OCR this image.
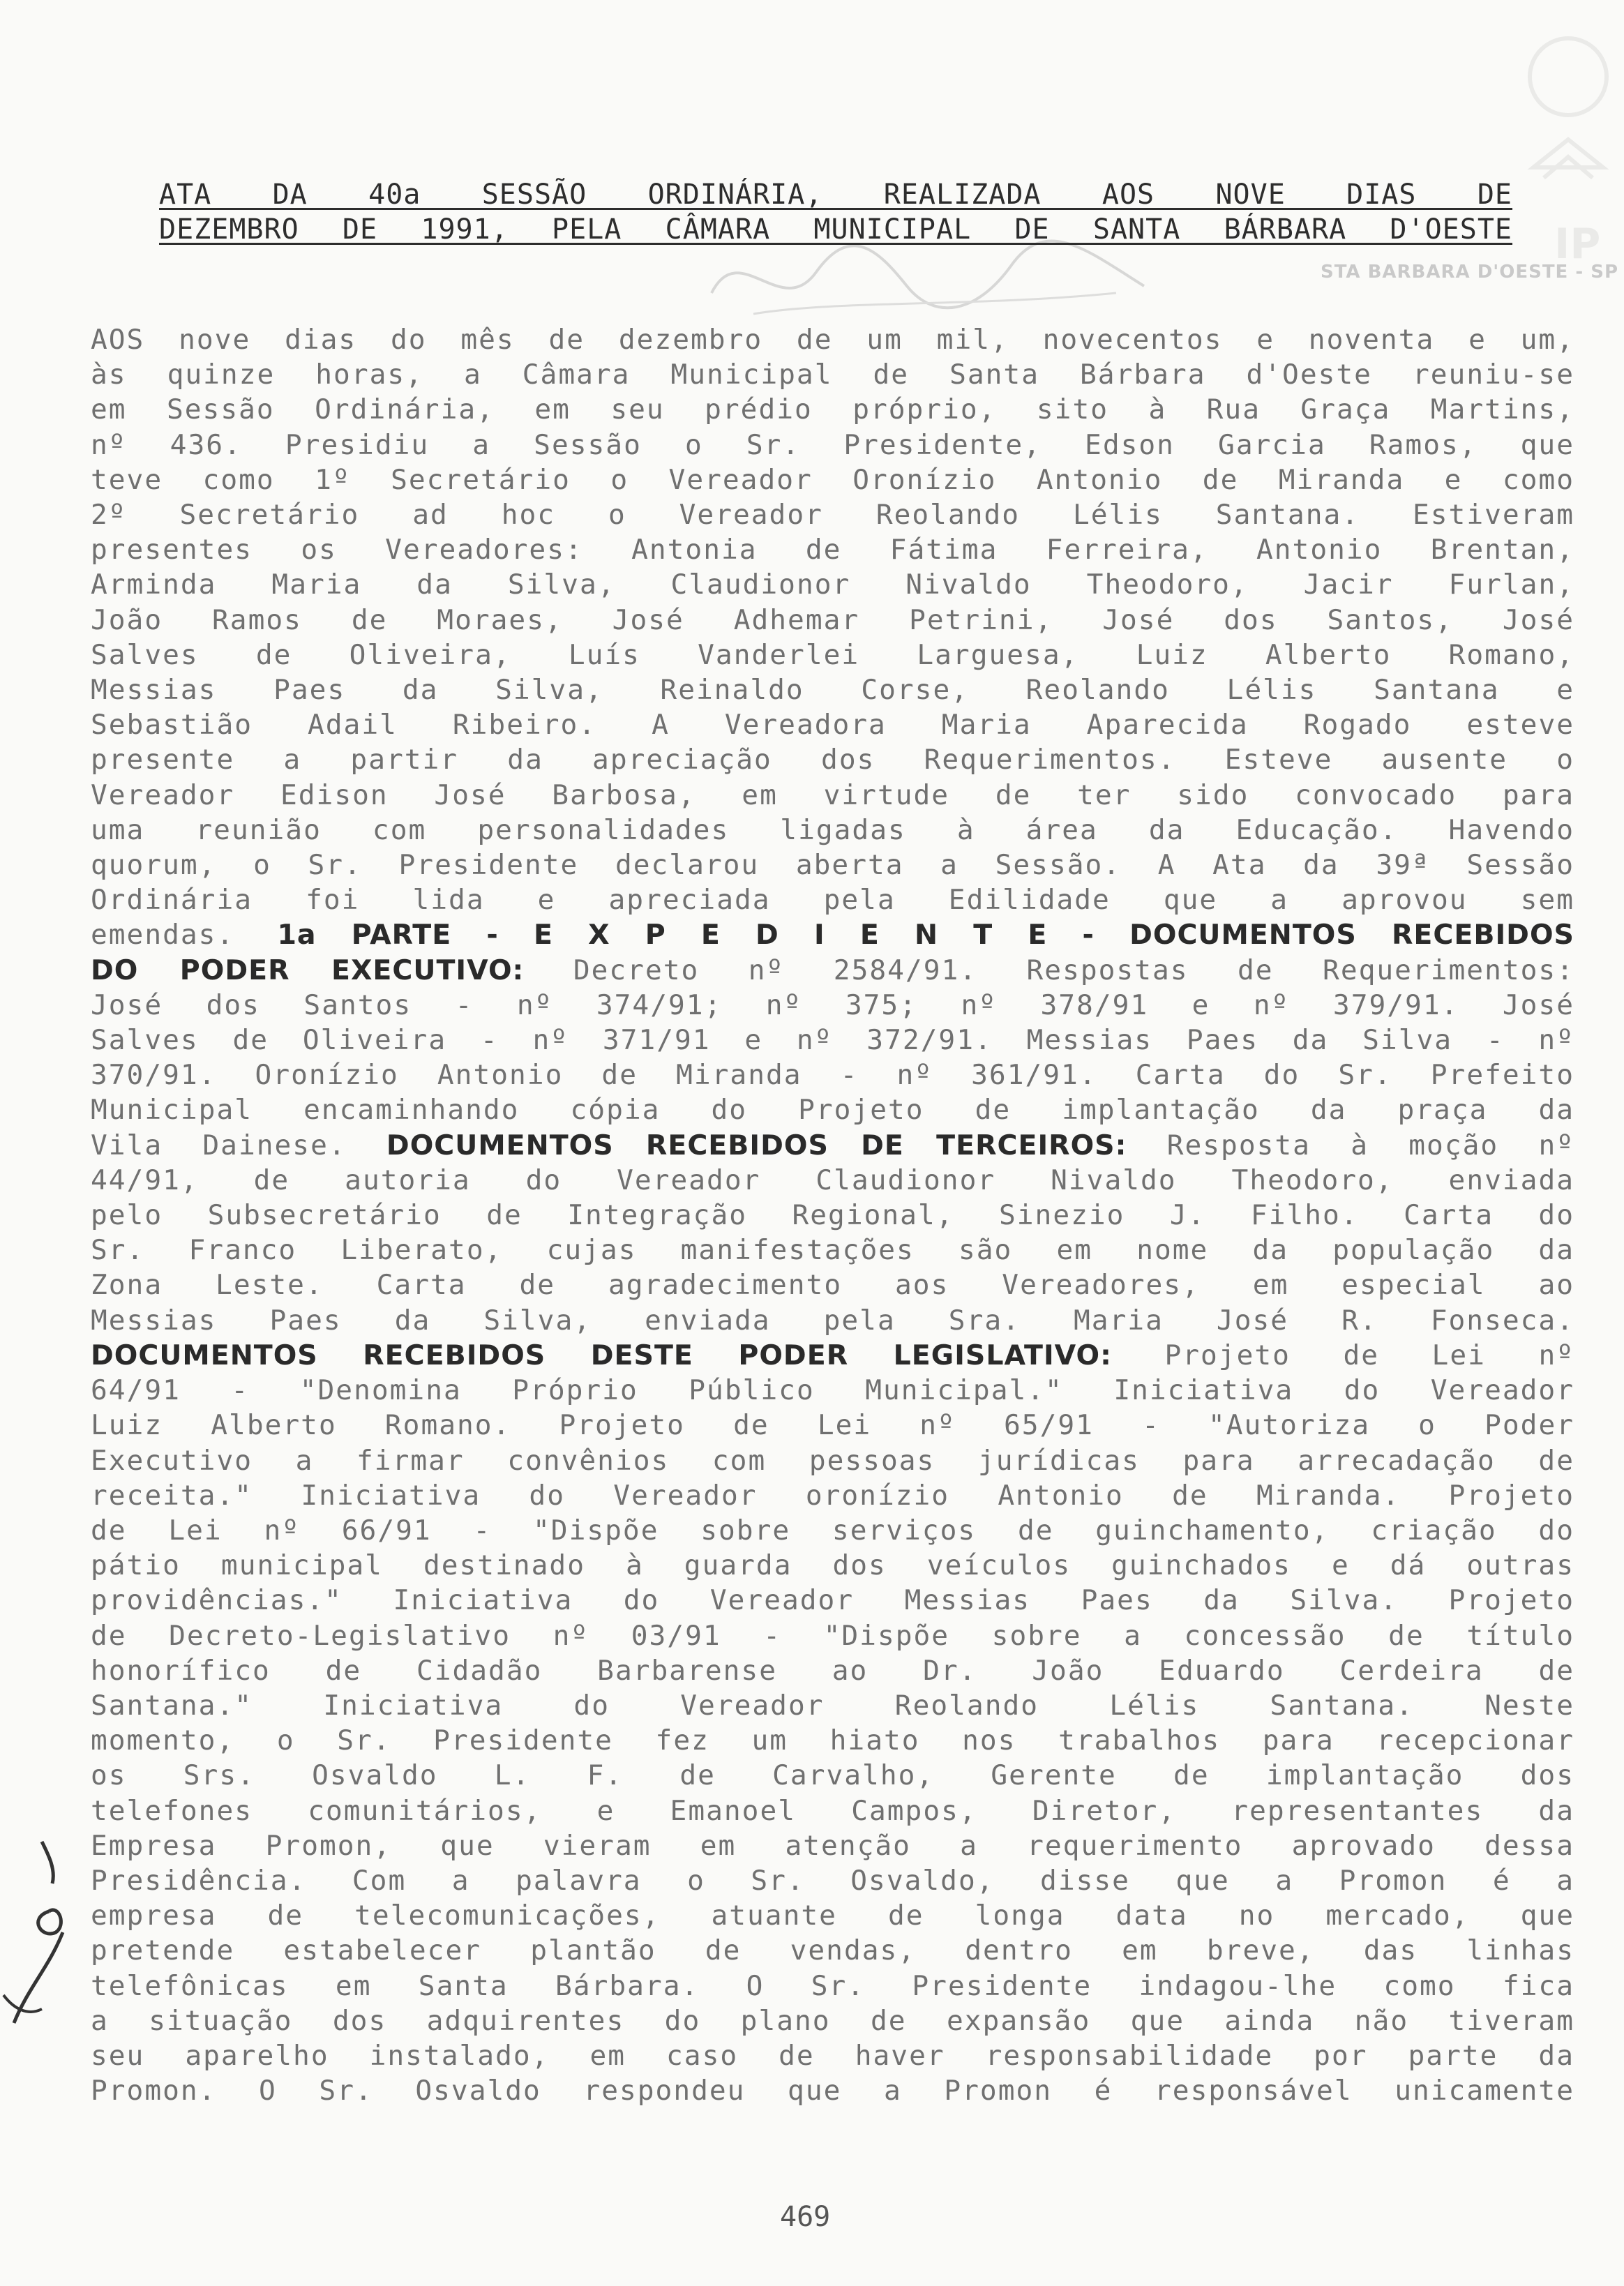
IP
STA BARBARA D'OESTE - SP
ATA DA 40a SESSÃO ORDINÁRIA, REALIZADA AOS NOVE DIAS DE
DEZEMBRO DE 1991, PELA CÂMARA MUNICIPAL DE SANTA BÁRBARA D'OESTE
AOS nove dias do mês de dezembro de um mil, novecentos e noventa e um,
às quinze horas, a Câmara Municipal de Santa Bárbara d'Oeste reuniu-se
em Sessão Ordinária, em seu prédio próprio, sito à Rua Graça Martins,
nº 436. Presidiu a Sessão o Sr. Presidente, Edson Garcia Ramos, que
teve como 1º Secretário o Vereador Oronízio Antonio de Miranda e como
2º Secretário ad hoc o Vereador Reolando Lélis Santana. Estiveram
presentes os Vereadores: Antonia de Fátima Ferreira, Antonio Brentan,
Arminda Maria da Silva, Claudionor Nivaldo Theodoro, Jacir Furlan,
João Ramos de Moraes, José Adhemar Petrini, José dos Santos, José
Salves de Oliveira, Luís Vanderlei Larguesa, Luiz Alberto Romano,
Messias Paes da Silva, Reinaldo Corse, Reolando Lélis Santana e
Sebastião Adail Ribeiro. A Vereadora Maria Aparecida Rogado esteve
presente a partir da apreciação dos Requerimentos. Esteve ausente o
Vereador Edison José Barbosa, em virtude de ter sido convocado para
uma reunião com personalidades ligadas à área da Educação. Havendo
quorum, o Sr. Presidente declarou aberta a Sessão. A Ata da 39ª Sessão
Ordinária foi lida e apreciada pela Edilidade que a aprovou sem
emendas. 1a PARTE - E X P E D I E N T E - DOCUMENTOS RECEBIDOS
DO PODER EXECUTIVO: Decreto nº 2584/91. Respostas de Requerimentos:
José dos Santos - nº 374/91; nº 375; nº 378/91 e nº 379/91. José
Salves de Oliveira - nº 371/91 e nº 372/91. Messias Paes da Silva - nº
370/91. Oronízio Antonio de Miranda - nº 361/91. Carta do Sr. Prefeito
Municipal encaminhando cópia do Projeto de implantação da praça da
Vila Dainese. DOCUMENTOS RECEBIDOS DE TERCEIROS: Resposta à moção nº
44/91, de autoria do Vereador Claudionor Nivaldo Theodoro, enviada
pelo Subsecretário de Integração Regional, Sinezio J. Filho. Carta do
Sr. Franco Liberato, cujas manifestações são em nome da população da
Zona Leste. Carta de agradecimento aos Vereadores, em especial ao
Messias Paes da Silva, enviada pela Sra. Maria José R. Fonseca.
DOCUMENTOS RECEBIDOS DESTE PODER LEGISLATIVO: Projeto de Lei nº
64/91 - "Denomina Próprio Público Municipal." Iniciativa do Vereador
Luiz Alberto Romano. Projeto de Lei nº 65/91 - "Autoriza o Poder
Executivo a firmar convênios com pessoas jurídicas para arrecadação de
receita." Iniciativa do Vereador oronízio Antonio de Miranda. Projeto
de Lei nº 66/91 - "Dispõe sobre serviços de guinchamento, criação do
pátio municipal destinado à guarda dos veículos guinchados e dá outras
providências." Iniciativa do Vereador Messias Paes da Silva. Projeto
de Decreto-Legislativo nº 03/91 - "Dispõe sobre a concessão de título
honorífico de Cidadão Barbarense ao Dr. João Eduardo Cerdeira de
Santana." Iniciativa do Vereador Reolando Lélis Santana. Neste
momento, o Sr. Presidente fez um hiato nos trabalhos para recepcionar
os Srs. Osvaldo L. F. de Carvalho, Gerente de implantação dos
telefones comunitários, e Emanoel Campos, Diretor, representantes da
Empresa Promon, que vieram em atenção a requerimento aprovado dessa
Presidência. Com a palavra o Sr. Osvaldo, disse que a Promon é a
empresa de telecomunicações, atuante de longa data no mercado, que
pretende estabelecer plantão de vendas, dentro em breve, das linhas
telefônicas em Santa Bárbara. O Sr. Presidente indagou-lhe como fica
a situação dos adquirentes do plano de expansão que ainda não tiveram
seu aparelho instalado, em caso de haver responsabilidade por parte da
Promon. O Sr. Osvaldo respondeu que a Promon é responsável unicamente
469
